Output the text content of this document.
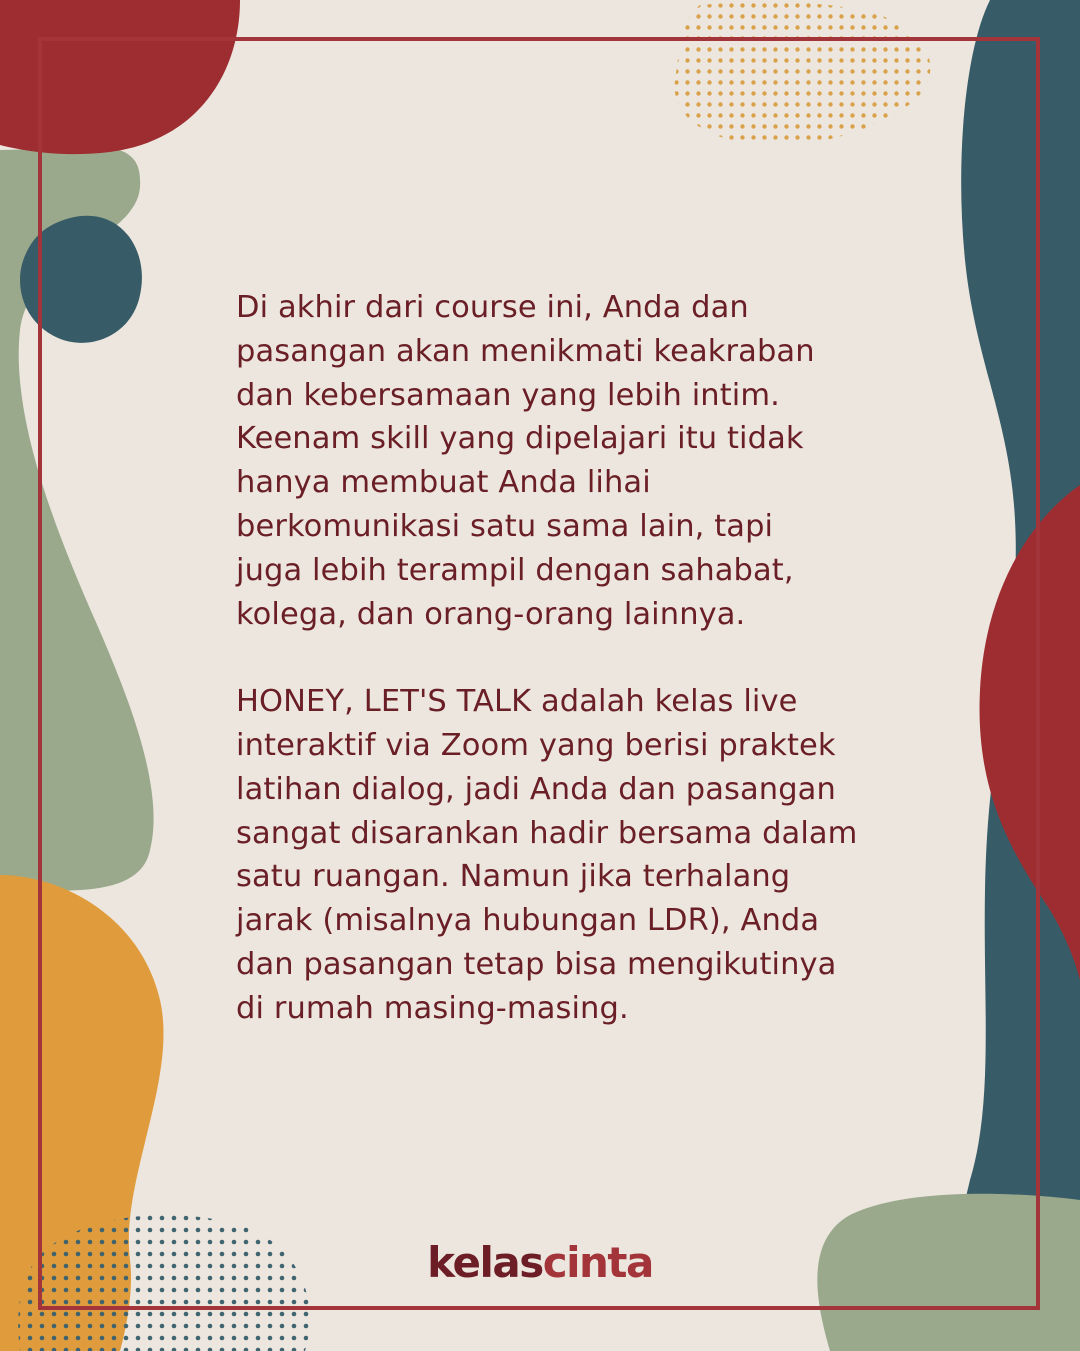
Di akhir dari course ini, Anda dan
pasangan akan menikmati keakraban
dan kebersamaan yang lebih intim.
Keenam skill yang dipelajari itu tidak
hanya membuat Anda lihai
berkomunikasi satu sama lain, tapi
juga lebih terampil dengan sahabat,
kolega, dan orang-orang lainnya.

HONEY, LET'S TALK adalah kelas live
interaktif via Zoom yang berisi praktek
latihan dialog, jadi Anda dan pasangan
sangat disarankan hadir bersama dalam
satu ruangan. Namun jika terhalang
jarak (misalnya hubungan LDR), Anda
dan pasangan tetap bisa mengikutinya
di rumah masing-masing.

kelascinta
